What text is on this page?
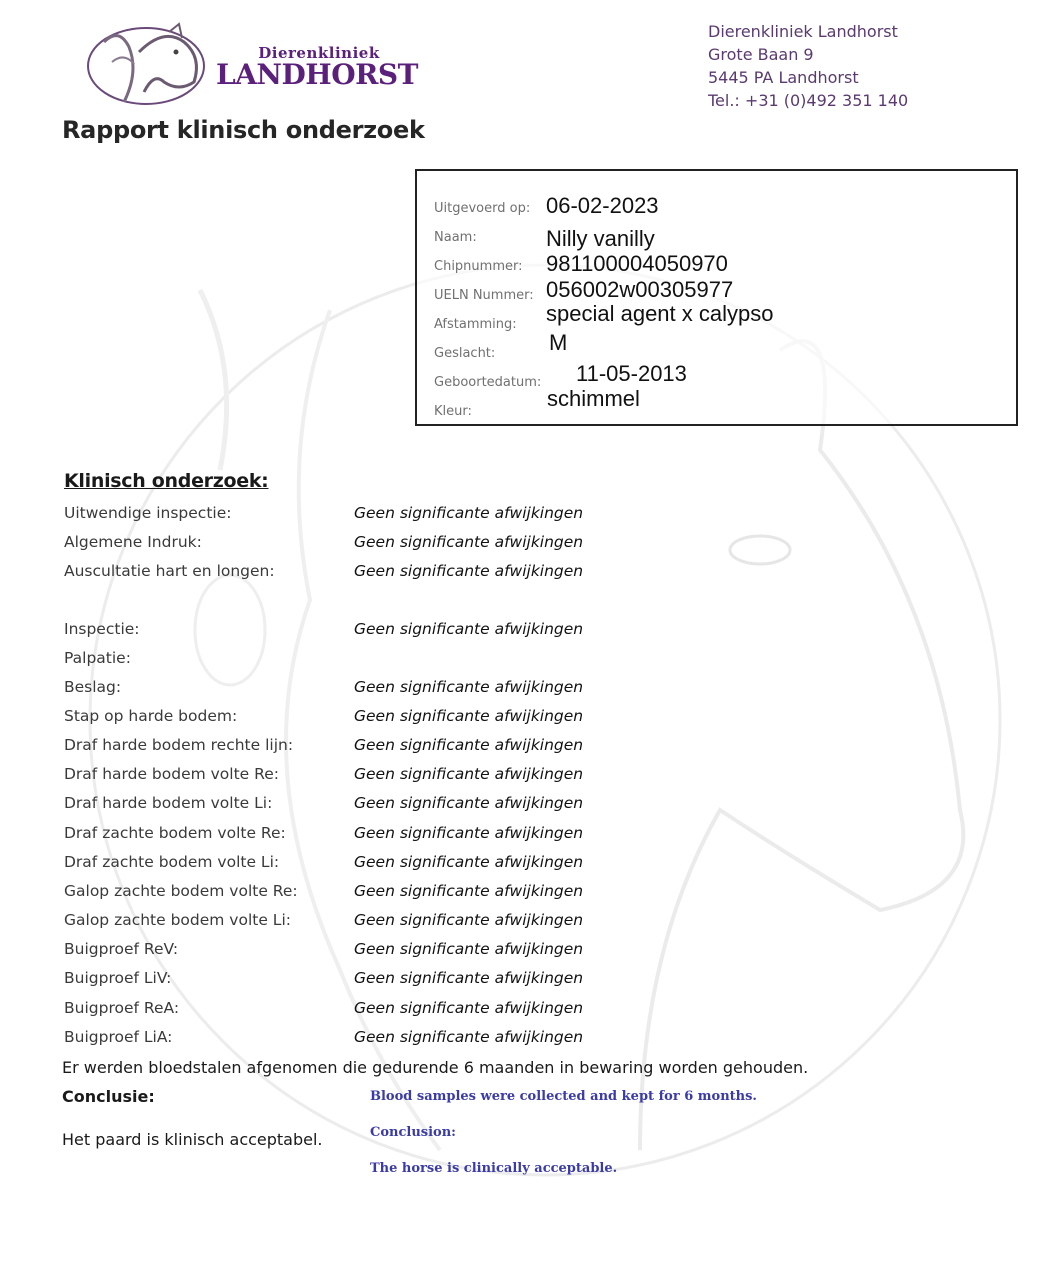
Dierenkliniek
LANDHORST
Dierenkliniek Landhorst
Grote Baan 9
5445 PA Landhorst
Tel.: +31 (0)492 351 140
Rapport klinisch onderzoek
Uitgevoerd op: 06-02-2023
Naam:	Nilly vanilly
Chipnummer: 981100004050970
UELN Nummer: 056002w00305977
Afstamming: special agent x calypso
Geslacht: M
Geboortedatum: 11-05-2013
Kleur:
schimmel
Klinisch onderzoek:
Uitwendige inspectie:	Geen significante afwijkingen
Algemene Indruk:	Geen significante afwijkingen
Auscultatie hart en longen:	Geen significante afwijkingen
Inspectie:	Geen significante afwijkingen
Palpatie:
Beslag:	Geen significante afwijkingen
Stap op harde bodem:	Geen significante afwijkingen
Draf harde bodem rechte lijn:	Geen significante afwijkingen
Draf harde bodem volte Re:	Geen significante afwijkingen
Draf harde bodem volte Li:	Geen significante afwijkingen
Draf zachte bodem volte Re:	Geen significante afwijkingen
Draf zachte bodem volte Li:	Geen significante afwijkingen
Galop zachte bodem volte Re:	Geen significante afwijkingen
Galop zachte bodem volte Li:	Geen significante afwijkingen
Buigproef ReV:	Geen significante afwijkingen
Buigproef LiV:	Geen significante afwijkingen
Buigproef ReA:	Geen significante afwijkingen
Buigproef LiA:	Geen significante afwijkingen
Er werden bloedstalen afgenomen die gedurende 6 maanden in bewaring worden gehouden.
Conclusie:
Het paard is klinisch acceptabel.
Blood samples were collected and kept for 6 months.
Conclusion:
The horse is clinically acceptable.
